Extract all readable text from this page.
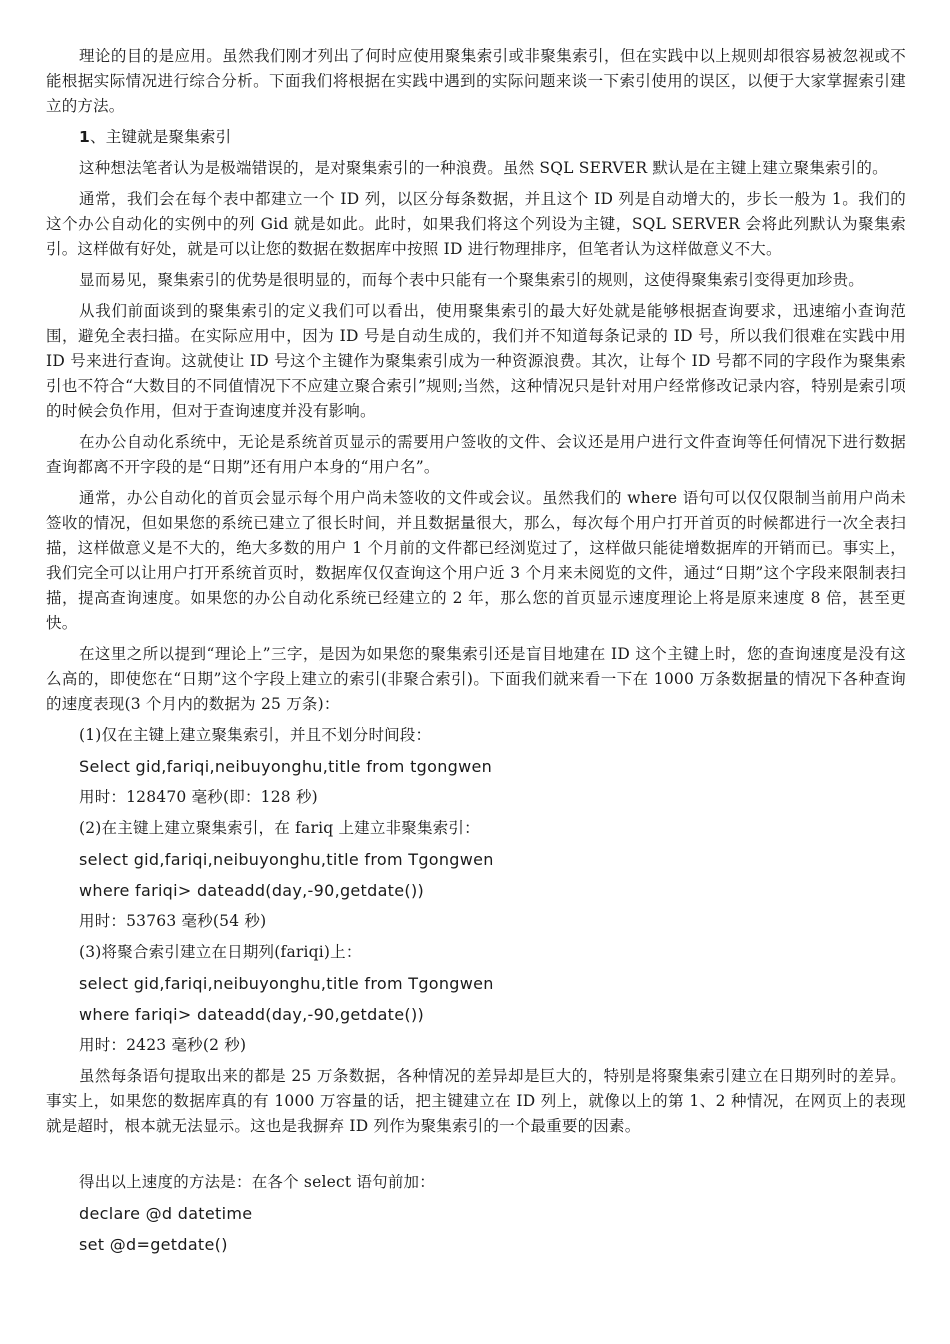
理论的目的是应用。虽然我们刚才列出了何时应使用聚集索引或非聚集索引，但在实践中以上规则却很容易被忽视或不能根据实际情况进行综合分析。下面我们将根据在实践中遇到的实际问题来谈一下索引使用的误区，以便于大家掌握索引建立的方法。

1、主键就是聚集索引

这种想法笔者认为是极端错误的，是对聚集索引的一种浪费。虽然 SQL SERVER 默认是在主键上建立聚集索引的。

通常，我们会在每个表中都建立一个 ID 列，以区分每条数据，并且这个 ID 列是自动增大的，步长一般为 1。我们的这个办公自动化的实例中的列 Gid 就是如此。此时，如果我们将这个列设为主键，SQL SERVER 会将此列默认为聚集索引。这样做有好处，就是可以让您的数据在数据库中按照 ID 进行物理排序，但笔者认为这样做意义不大。

显而易见，聚集索引的优势是很明显的，而每个表中只能有一个聚集索引的规则，这使得聚集索引变得更加珍贵。

从我们前面谈到的聚集索引的定义我们可以看出，使用聚集索引的最大好处就是能够根据查询要求，迅速缩小查询范围，避免全表扫描。在实际应用中，因为 ID 号是自动生成的，我们并不知道每条记录的 ID 号，所以我们很难在实践中用 ID 号来进行查询。这就使让 ID 号这个主键作为聚集索引成为一种资源浪费。其次，让每个 ID 号都不同的字段作为聚集索引也不符合“大数目的不同值情况下不应建立聚合索引”规则;当然，这种情况只是针对用户经常修改记录内容，特别是索引项的时候会负作用，但对于查询速度并没有影响。

在办公自动化系统中，无论是系统首页显示的需要用户签收的文件、会议还是用户进行文件查询等任何情况下进行数据查询都离不开字段的是“日期”还有用户本身的“用户名”。

通常，办公自动化的首页会显示每个用户尚未签收的文件或会议。虽然我们的 where 语句可以仅仅限制当前用户尚未签收的情况，但如果您的系统已建立了很长时间，并且数据量很大，那么，每次每个用户打开首页的时候都进行一次全表扫描，这样做意义是不大的，绝大多数的用户 1 个月前的文件都已经浏览过了，这样做只能徒增数据库的开销而已。事实上，我们完全可以让用户打开系统首页时，数据库仅仅查询这个用户近 3 个月来未阅览的文件，通过“日期”这个字段来限制表扫描，提高查询速度。如果您的办公自动化系统已经建立的 2 年，那么您的首页显示速度理论上将是原来速度 8 倍，甚至更快。

在这里之所以提到“理论上”三字，是因为如果您的聚集索引还是盲目地建在 ID 这个主键上时，您的查询速度是没有这么高的，即使您在“日期”这个字段上建立的索引(非聚合索引)。下面我们就来看一下在 1000 万条数据量的情况下各种查询的速度表现(3 个月内的数据为 25 万条)：

(1)仅在主键上建立聚集索引，并且不划分时间段：

Select gid,fariqi,neibuyonghu,title from tgongwen

用时：128470 毫秒(即：128 秒)

(2)在主键上建立聚集索引，在 fariq 上建立非聚集索引：

select gid,fariqi,neibuyonghu,title from Tgongwen

where fariqi> dateadd(day,-90,getdate())

用时：53763 毫秒(54 秒)

(3)将聚合索引建立在日期列(fariqi)上：

select gid,fariqi,neibuyonghu,title from Tgongwen

where fariqi> dateadd(day,-90,getdate())

用时：2423 毫秒(2 秒)

虽然每条语句提取出来的都是 25 万条数据，各种情况的差异却是巨大的，特别是将聚集索引建立在日期列时的差异。事实上，如果您的数据库真的有 1000 万容量的话，把主键建立在 ID 列上，就像以上的第 1、2 种情况，在网页上的表现就是超时，根本就无法显示。这也是我摒弃 ID 列作为聚集索引的一个最重要的因素。

得出以上速度的方法是：在各个 select 语句前加：

declare @d datetime

set @d=getdate()
